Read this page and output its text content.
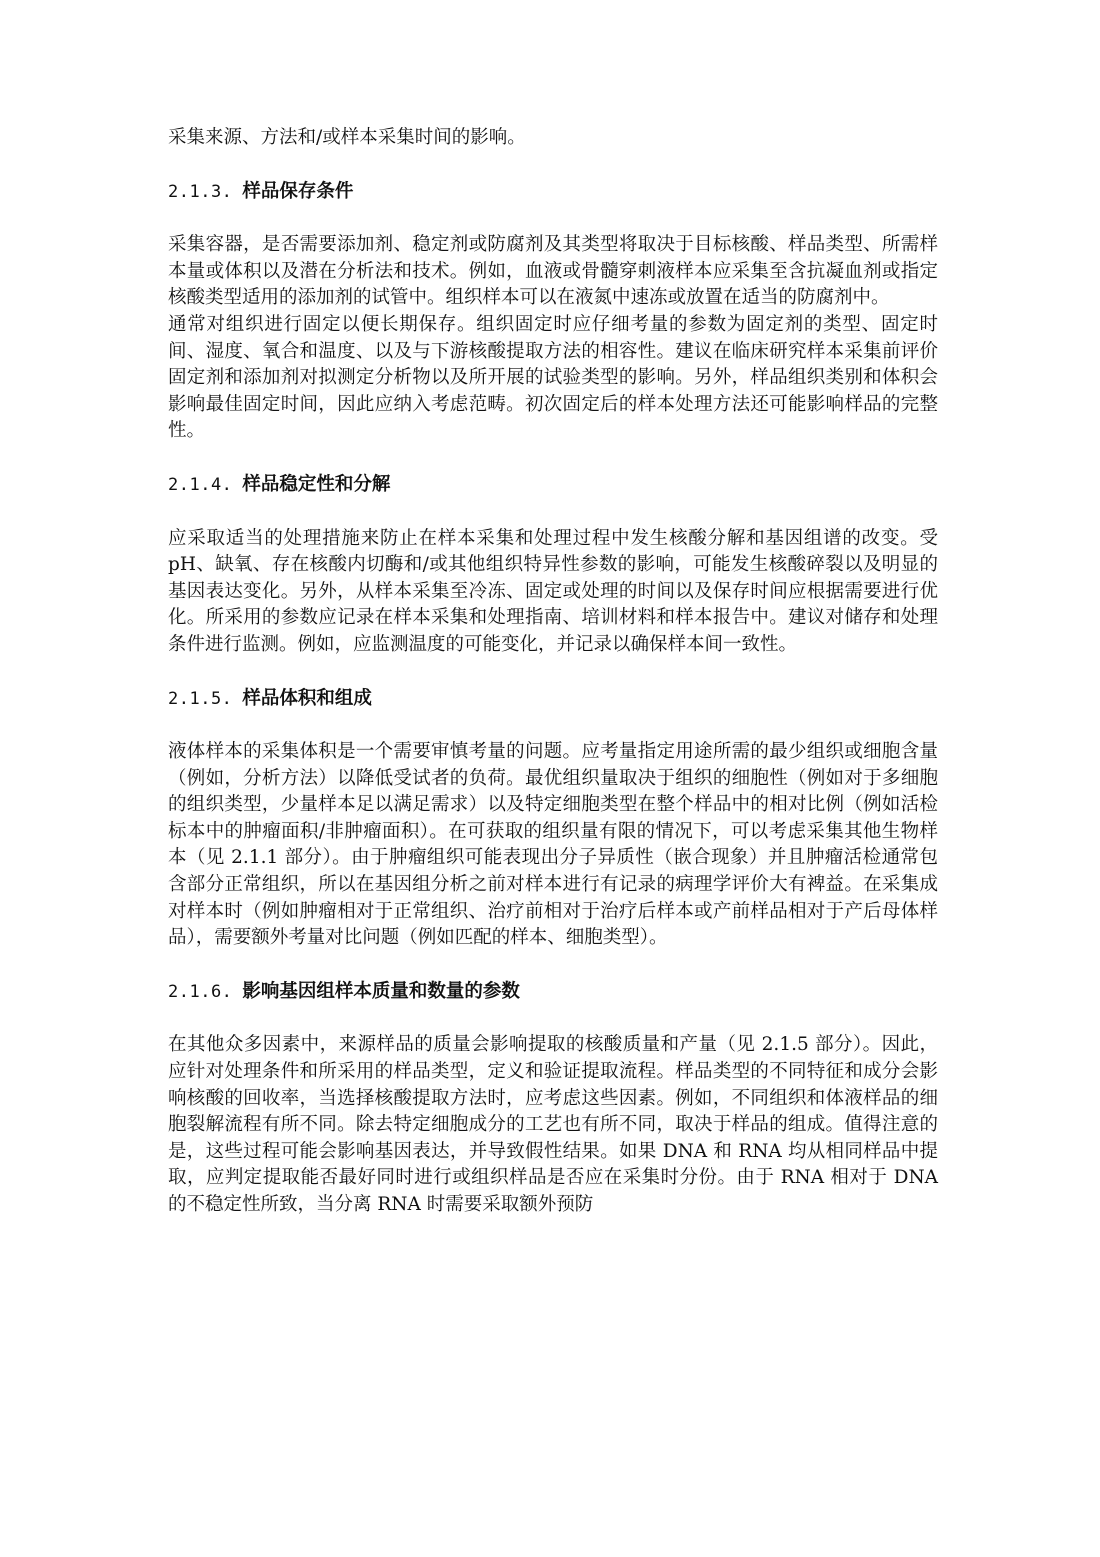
采集来源、方法和/或样本采集时间的影响。

2.1.3. 样品保存条件

采集容器，是否需要添加剂、稳定剂或防腐剂及其类型将取决于目标核酸、样品类型、所需样本量或体积以及潜在分析法和技术。例如，血液或骨髓穿刺液样本应采集至含抗凝血剂或指定核酸类型适用的添加剂的试管中。组织样本可以在液氮中速冻或放置在适当的防腐剂中。

通常对组织进行固定以便长期保存。组织固定时应仔细考量的参数为固定剂的类型、固定时间、湿度、氧合和温度、以及与下游核酸提取方法的相容性。建议在临床研究样本采集前评价固定剂和添加剂对拟测定分析物以及所开展的试验类型的影响。另外，样品组织类别和体积会影响最佳固定时间，因此应纳入考虑范畴。初次固定后的样本处理方法还可能影响样品的完整性。

2.1.4. 样品稳定性和分解

应采取适当的处理措施来防止在样本采集和处理过程中发生核酸分解和基因组谱的改变。受 pH、缺氧、存在核酸内切酶和/或其他组织特异性参数的影响，可能发生核酸碎裂以及明显的基因表达变化。另外，从样本采集至冷冻、固定或处理的时间以及保存时间应根据需要进行优化。所采用的参数应记录在样本采集和处理指南、培训材料和样本报告中。建议对储存和处理条件进行监测。例如，应监测温度的可能变化，并记录以确保样本间一致性。

2.1.5. 样品体积和组成

液体样本的采集体积是一个需要审慎考量的问题。应考量指定用途所需的最少组织或细胞含量（例如，分析方法）以降低受试者的负荷。最优组织量取决于组织的细胞性（例如对于多细胞的组织类型，少量样本足以满足需求）以及特定细胞类型在整个样品中的相对比例（例如活检标本中的肿瘤面积/非肿瘤面积）。在可获取的组织量有限的情况下，可以考虑采集其他生物样本（见 2.1.1 部分）。由于肿瘤组织可能表现出分子异质性（嵌合现象）并且肿瘤活检通常包含部分正常组织，所以在基因组分析之前对样本进行有记录的病理学评价大有裨益。在采集成对样本时（例如肿瘤相对于正常组织、治疗前相对于治疗后样本或产前样品相对于产后母体样品），需要额外考量对比问题（例如匹配的样本、细胞类型）。

2.1.6. 影响基因组样本质量和数量的参数

在其他众多因素中，来源样品的质量会影响提取的核酸质量和产量（见 2.1.5 部分）。因此，应针对处理条件和所采用的样品类型，定义和验证提取流程。样品类型的不同特征和成分会影响核酸的回收率，当选择核酸提取方法时，应考虑这些因素。例如，不同组织和体液样品的细胞裂解流程有所不同。除去特定细胞成分的工艺也有所不同，取决于样品的组成。值得注意的是，这些过程可能会影响基因表达，并导致假性结果。如果 DNA 和 RNA 均从相同样品中提取，应判定提取能否最好同时进行或组织样品是否应在采集时分份。由于 RNA 相对于 DNA 的不稳定性所致，当分离 RNA 时需要采取额外预防
